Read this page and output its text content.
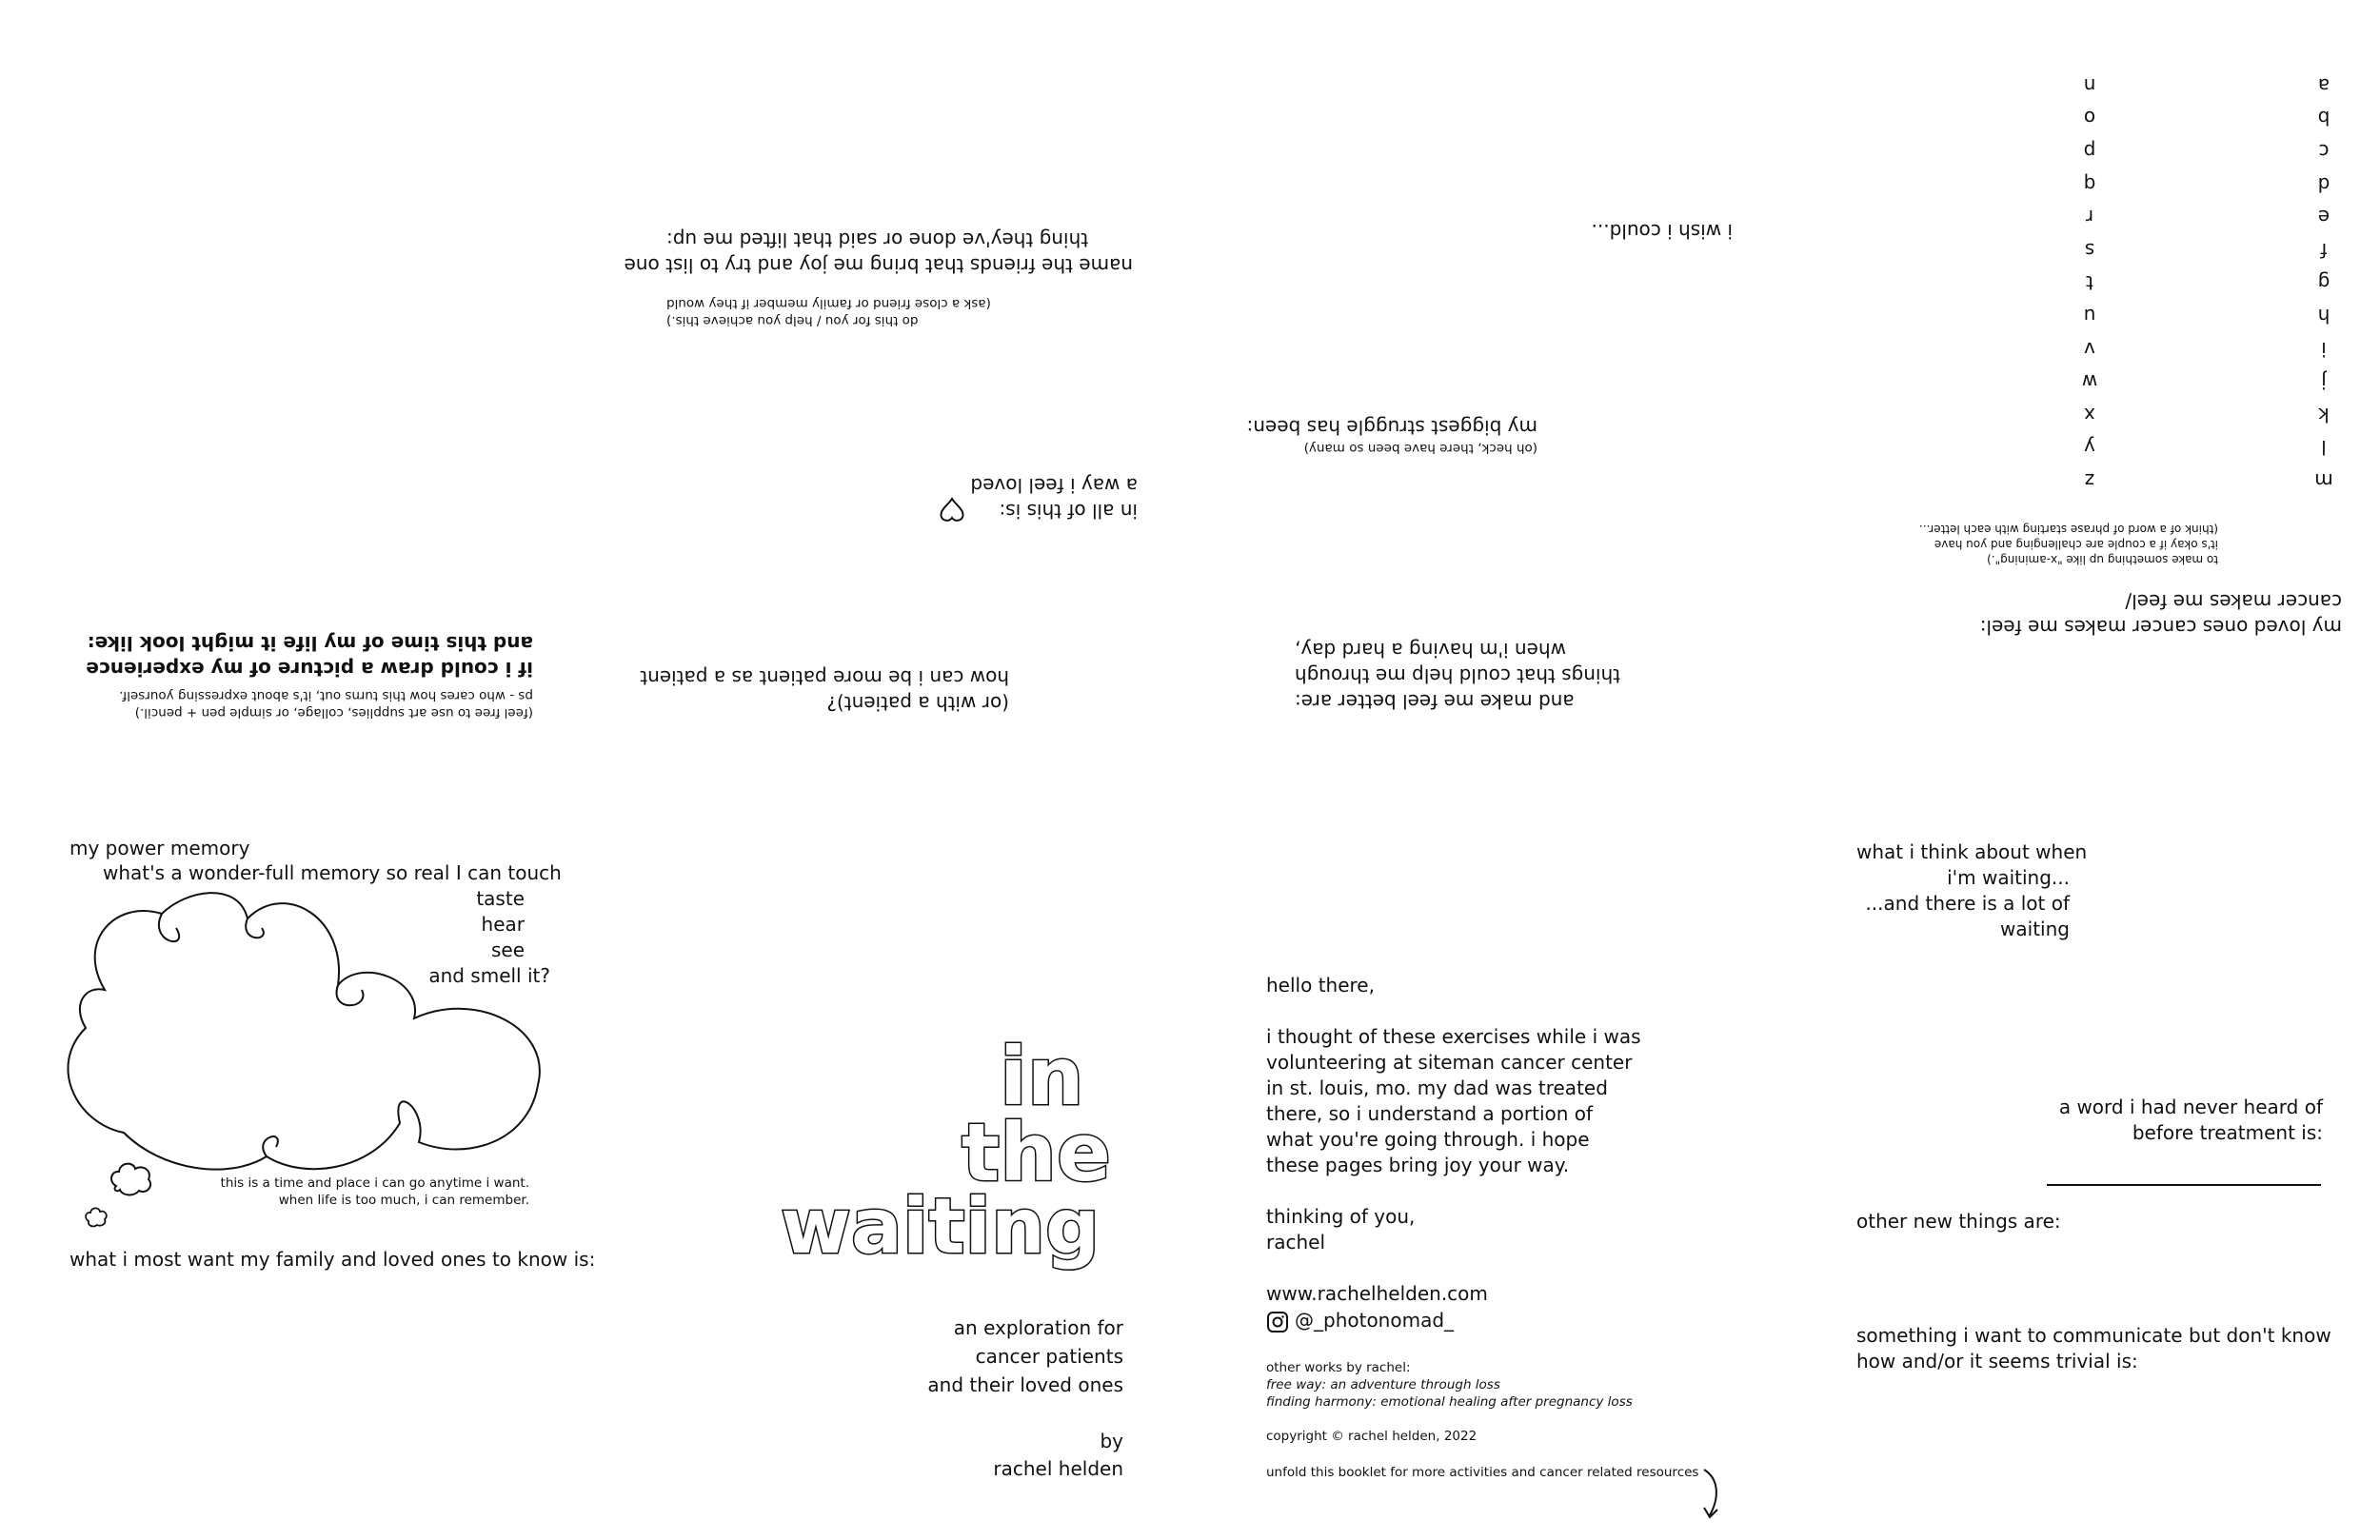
(feel free to use art supplies, collage, or simple pen + pencil.)
ps - who cares how this turns out, it's about expressing yourself.
if i could draw a picture of my experience
and this time of my life it might look like:
do this for you / help you achieve this.)
(ask a close friend or family member if they would
name the friends that bring me joy and try to list one
thing they've done or said that lifted me up:
in all of this is:
a way i feel loved
(or with a patient)?
how can i be more patient as a patient
i wish i could...
(oh heck, there have been so many)
my biggest struggle has been:
and make me feel better are:
things that could help me through
when i'm having a hard day,
m
l
k
j
i
h
g
f
e
d
c
b
a
z
y
x
w
v
u
t
s
r
q
p
o
n
to make something up like "x-amining".)
it's okay if a couple are challenging and you have
(think of a word of phrase starting with each letter...
my loved ones cancer makes me feel:
cancer makes me feel/
my power memory
what's a wonder-full memory so real I can touch
taste
hear
see
and smell it?
this is a time and place i can go anytime i want.
when life is too much, i can remember.
what i most want my family and loved ones to know is:
in
the
waiting
an exploration for
cancer patients
and their loved ones
by
rachel helden
hello there,
i thought of these exercises while i was
volunteering at siteman cancer center
in st. louis, mo. my dad was treated
there, so i understand a portion of
what you're going through. i hope
these pages bring joy your way.
thinking of you,
rachel
www.rachelhelden.com
@_photonomad_
other works by rachel:
free way: an adventure through loss
finding harmony: emotional healing after pregnancy loss
copyright © rachel helden, 2022
unfold this booklet for more activities and cancer related resources
what i think about when
i'm waiting...
...and there is a lot of
waiting
a word i had never heard of
before treatment is:
other new things are:
something i want to communicate but don't know
how and/or it seems trivial is:
